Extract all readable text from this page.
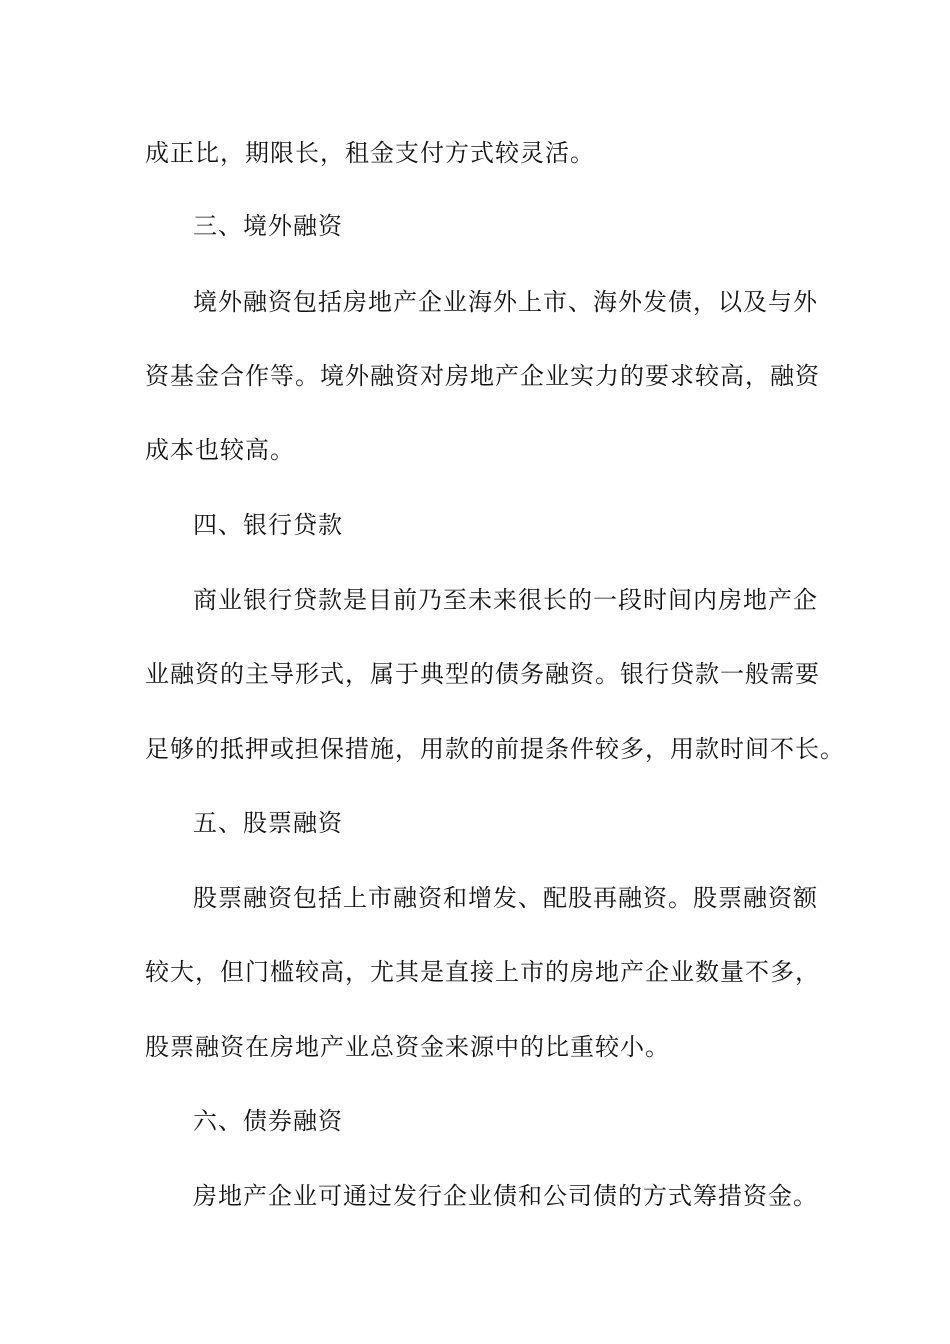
成正比，期限长，租金支付方式较灵活。
三、境外融资
境外融资包括房地产企业海外上市、海外发债，以及与外
资基金合作等。境外融资对房地产企业实力的要求较高，融资
成本也较高。
四、银行贷款
商业银行贷款是目前乃至未来很长的一段时间内房地产企
业融资的主导形式，属于典型的债务融资。银行贷款一般需要
足够的抵押或担保措施，用款的前提条件较多，用款时间不长。
五、股票融资
股票融资包括上市融资和增发、配股再融资。股票融资额
较大，但门槛较高，尤其是直接上市的房地产企业数量不多，
股票融资在房地产业总资金来源中的比重较小。
六、债券融资
房地产企业可通过发行企业债和公司债的方式筹措资金。
